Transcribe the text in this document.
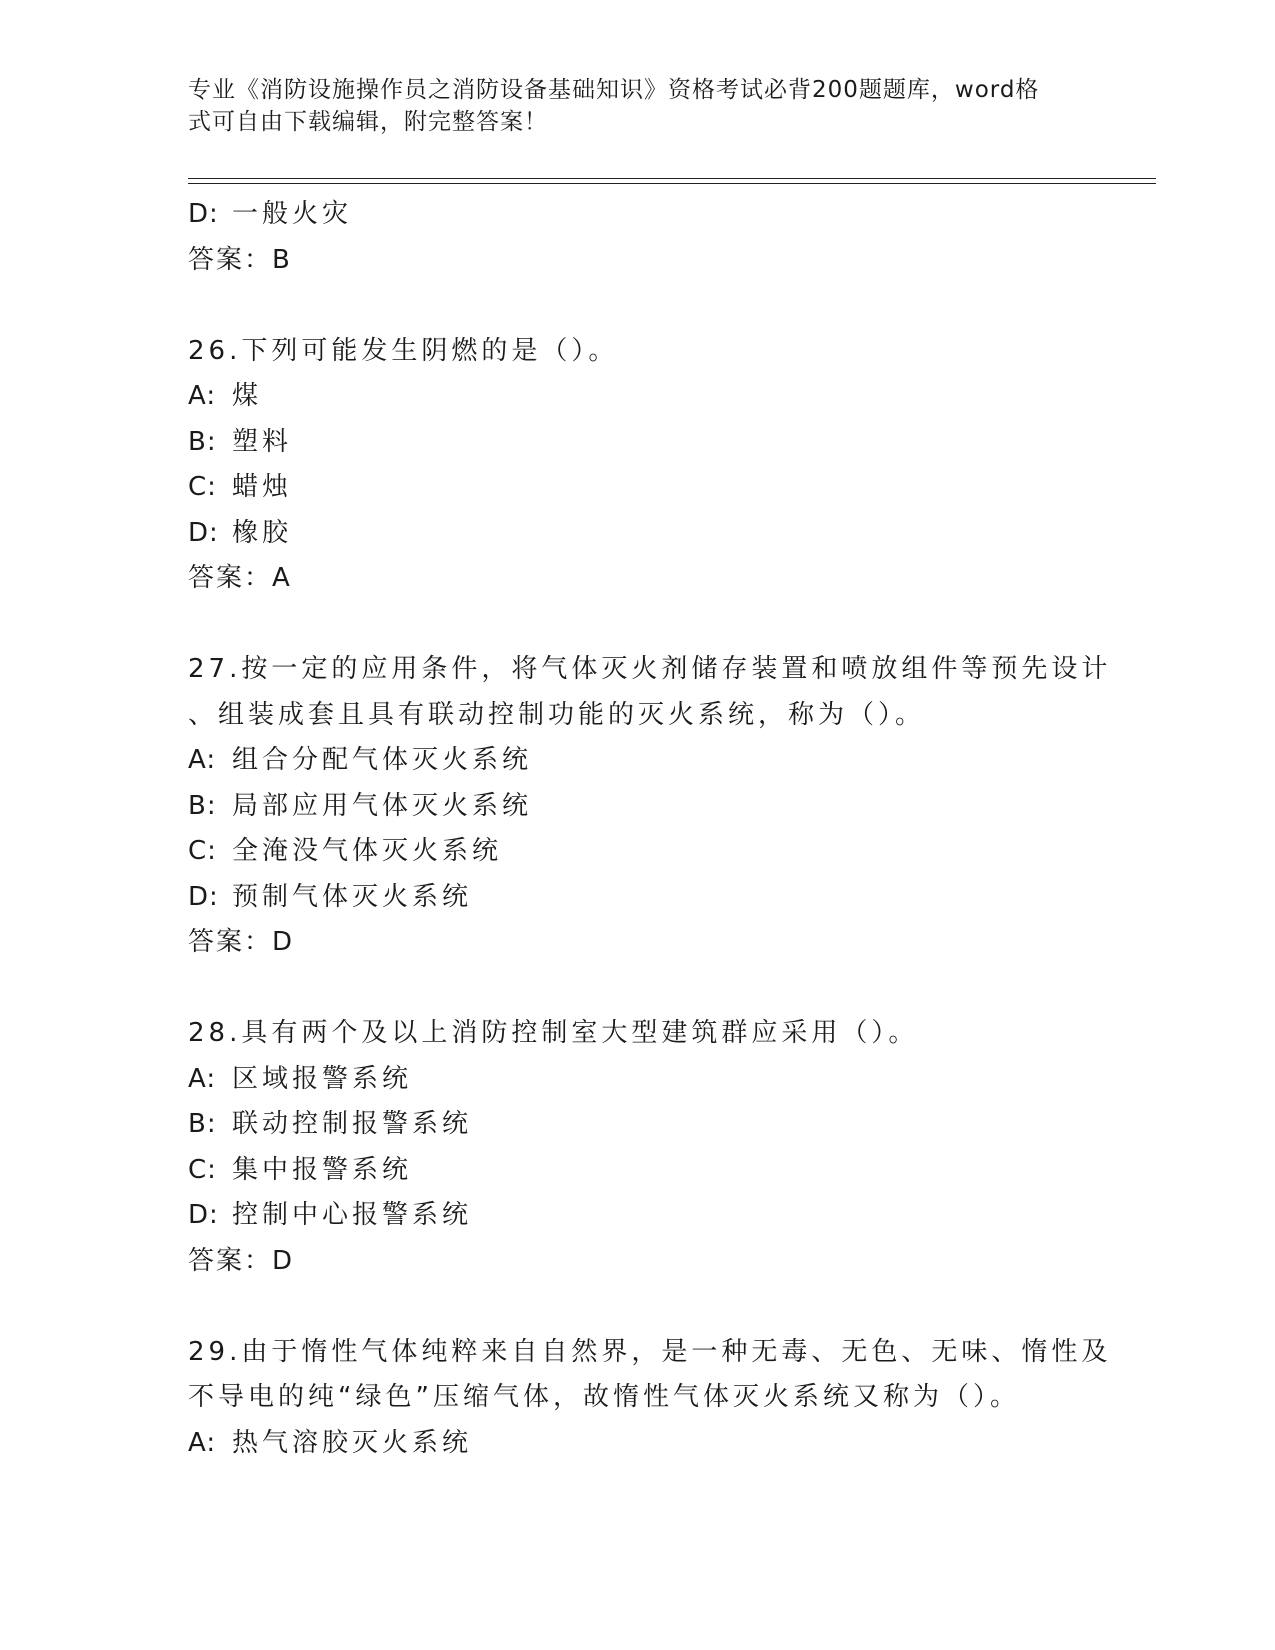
专业《消防设施操作员之消防设备基础知识》资格考试必背200题题库，word格
式可自由下载编辑，附完整答案！
D: 一般火灾
答案：B
26.下列可能发生阴燃的是（）。
A: 煤
B: 塑料
C: 蜡烛
D: 橡胶
答案：A
27.按一定的应用条件，将气体灭火剂储存装置和喷放组件等预先设计
、组装成套且具有联动控制功能的灭火系统，称为（）。
A: 组合分配气体灭火系统
B: 局部应用气体灭火系统
C: 全淹没气体灭火系统
D: 预制气体灭火系统
答案：D
28.具有两个及以上消防控制室大型建筑群应采用（）。
A: 区域报警系统
B: 联动控制报警系统
C: 集中报警系统
D: 控制中心报警系统
答案：D
29.由于惰性气体纯粹来自自然界，是一种无毒、无色、无味、惰性及
不导电的纯“绿色”压缩气体，故惰性气体灭火系统又称为（）。
A: 热气溶胶灭火系统
